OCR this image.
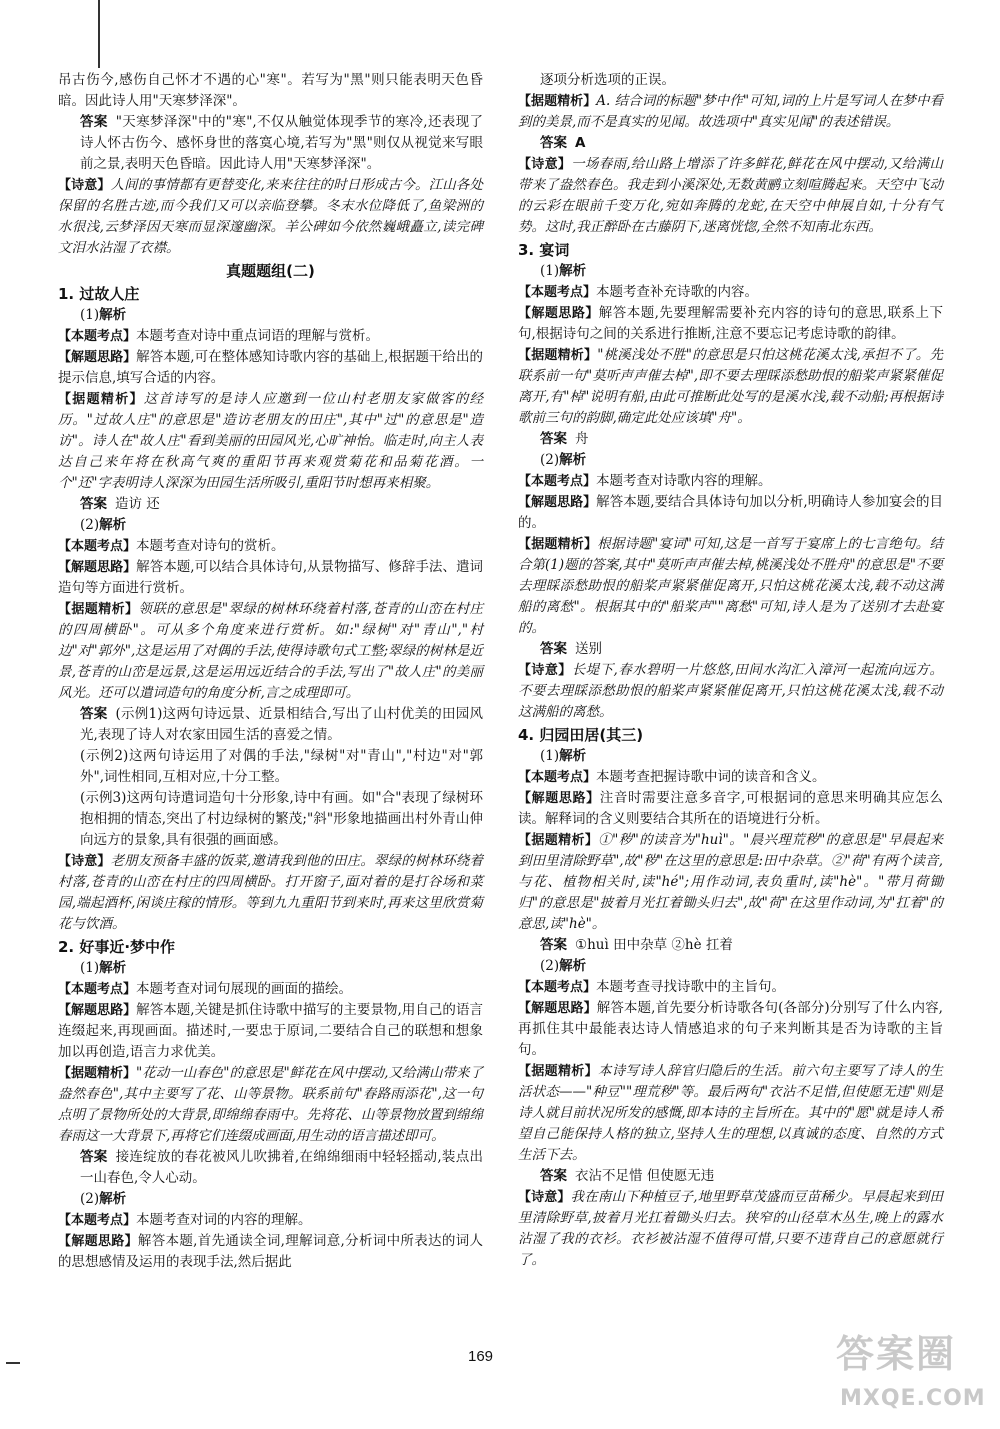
吊古伤今,感伤自己怀才不遇的心"寒"。若写为"黑"则只能表明天色昏暗。因此诗人用"天寒梦泽深"。

答案 "天寒梦泽深"中的"寒",不仅从触觉体现季节的寒冷,还表现了诗人怀古伤今、感怀身世的落寞心境,若写为"黑"则仅从视觉来写眼前之景,表明天色昏暗。因此诗人用"天寒梦泽深"。

【诗意】人间的事情都有更替变化,来来往往的时日形成古今。江山各处保留的名胜古迹,而今我们又可以亲临登攀。冬末水位降低了,鱼梁洲的水很浅,云梦泽因天寒而显深邃幽深。羊公碑如今依然巍峨矗立,读完碑文泪水沾湿了衣襟。

真题题组(二)

1. 过故人庄

(1)解析

【本题考点】本题考查对诗中重点词语的理解与赏析。

【解题思路】解答本题,可在整体感知诗歌内容的基础上,根据题干给出的提示信息,填写合适的内容。

【据题精析】这首诗写的是诗人应邀到一位山村老朋友家做客的经历。"过故人庄"的意思是"造访老朋友的田庄",其中"过"的意思是"造访"。诗人在"故人庄"看到美丽的田园风光,心旷神怡。临走时,向主人表达自己来年将在秋高气爽的重阳节再来观赏菊花和品菊花酒。一个"还"字表明诗人深深为田园生活所吸引,重阳节时想再来相聚。

答案 造访 还

(2)解析

【本题考点】本题考查对诗句的赏析。

【解题思路】解答本题,可以结合具体诗句,从景物描写、修辞手法、遣词造句等方面进行赏析。

【据题精析】领联的意思是"翠绿的树林环绕着村落,苍青的山峦在村庄的四周横卧"。可从多个角度来进行赏析。如:"绿树"对"青山","村边"对"郭外",这是运用了对偶的手法,使得诗歌句式工整;翠绿的树林是近景,苍青的山峦是远景,这是运用远近结合的手法,写出了"故人庄"的美丽风光。还可以遣词造句的角度分析,言之成理即可。

答案 (示例1)这两句诗远景、近景相结合,写出了山村优美的田园风光,表现了诗人对农家田园生活的喜爱之情。

(示例2)这两句诗运用了对偶的手法,"绿树"对"青山","村边"对"郭外",词性相同,互相对应,十分工整。

(示例3)这两句诗遣词造句十分形象,诗中有画。如"合"表现了绿树环抱相拥的情态,突出了村边绿树的繁茂;"斜"形象地描画出村外青山伸向远方的景象,具有很强的画面感。

【诗意】老朋友预备丰盛的饭菜,邀请我到他的田庄。翠绿的树林环绕着村落,苍青的山峦在村庄的四周横卧。打开窗子,面对着的是打谷场和菜园,端起酒杯,闲谈庄稼的情形。等到九九重阳节到来时,再来这里欣赏菊花与饮酒。

2. 好事近·梦中作

(1)解析

【本题考点】本题考查对词句展现的画面的描绘。

【解题思路】解答本题,关键是抓住诗歌中描写的主要景物,用自己的语言连缀起来,再现画面。描述时,一要忠于原词,二要结合自己的联想和想象加以再创造,语言力求优美。

【据题精析】"花动一山春色"的意思是"鲜花在风中摆动,又给满山带来了盎然春色",其中主要写了花、山等景物。联系前句"春路雨添花",这一句点明了景物所处的大背景,即绵绵春雨中。先将花、山等景物放置到绵绵春雨这一大背景下,再将它们连缀成画面,用生动的语言描述即可。

答案 接连绽放的春花被风儿吹拂着,在绵绵细雨中轻轻摇动,装点出一山春色,令人心动。

(2)解析

【本题考点】本题考查对词的内容的理解。

【解题思路】解答本题,首先通读全词,理解词意,分析词中所表达的词人的思想感情及运用的表现手法,然后据此

逐项分析选项的正误。

【据题精析】A. 结合词的标题"梦中作"可知,词的上片是写词人在梦中看到的美景,而不是真实的见闻。故选项中"真实见闻"的表述错误。

答案 A

【诗意】一场春雨,给山路上增添了许多鲜花,鲜花在风中摆动,又给满山带来了盎然春色。我走到小溪深处,无数黄鹂立刻喧腾起来。天空中飞动的云彩在眼前千变万化,宛如奔腾的龙蛇,在天空中伸展自如,十分有气势。这时,我正醉卧在古藤阴下,迷离恍惚,全然不知南北东西。

3. 宴词

(1)解析

【本题考点】本题考查补充诗歌的内容。

【解题思路】解答本题,先要理解需要补充内容的诗句的意思,联系上下句,根据诗句之间的关系进行推断,注意不要忘记考虑诗歌的韵律。

【据题精析】"桃溪浅处不胜"的意思是只怕这桃花溪太浅,承担不了。先联系前一句"莫听声声催去棹",即不要去理睬添愁助恨的船桨声紧紧催促离开,有"棹"说明有船,由此可推断此处写的是溪水浅,载不动船;再根据诗歌前三句的韵脚,确定此处应该填"舟"。

答案 舟

(2)解析

【本题考点】本题考查对诗歌内容的理解。

【解题思路】解答本题,要结合具体诗句加以分析,明确诗人参加宴会的目的。

【据题精析】根据诗题"宴词"可知,这是一首写于宴席上的七言绝句。结合第(1)题的答案,其中"莫听声声催去棹,桃溪浅处不胜舟"的意思是"不要去理睬添愁助恨的船桨声紧紧催促离开,只怕这桃花溪太浅,载不动这满船的离愁"。根据其中的"船桨声""离愁"可知,诗人是为了送别才去赴宴的。

答案 送别

【诗意】长堤下,春水碧明一片悠悠,田间水沟汇入漳河一起流向远方。不要去理睬添愁助恨的船桨声紧紧催促离开,只怕这桃花溪太浅,载不动这满船的离愁。

4. 归园田居(其三)

(1)解析

【本题考点】本题考查把握诗歌中词的读音和含义。

【解题思路】注音时需要注意多音字,可根据词的意思来明确其应怎么读。解释词的含义则要结合其所在的语境进行分析。

【据题精析】①"秽"的读音为"huì"。"晨兴理荒秽"的意思是"早晨起来到田里清除野草",故"秽"在这里的意思是:田中杂草。②"荷"有两个读音,与花、植物相关时,读"hé";用作动词,表负重时,读"hè"。"带月荷锄归"的意思是"披着月光扛着锄头归去",故"荷"在这里作动词,为"扛着"的意思,读"hè"。

答案 ①huì 田中杂草 ②hè 扛着

(2)解析

【本题考点】本题考查寻找诗歌中的主旨句。

【解题思路】解答本题,首先要分析诗歌各句(各部分)分别写了什么内容,再抓住其中最能表达诗人情感追求的句子来判断其是否为诗歌的主旨句。

【据题精析】本诗写诗人辞官归隐后的生活。前六句主要写了诗人的生活状态——"种豆""理荒秽"等。最后两句"衣沾不足惜,但使愿无违"则是诗人就目前状况所发的感慨,即本诗的主旨所在。其中的"愿"就是诗人希望自己能保持人格的独立,坚持人生的理想,以真诚的态度、自然的方式生活下去。

答案 衣沾不足惜 但使愿无违

【诗意】我在南山下种植豆子,地里野草茂盛而豆苗稀少。早晨起来到田里清除野草,披着月光扛着锄头归去。狭窄的山径草木丛生,晚上的露水沾湿了我的衣衫。衣衫被沾湿不值得可惜,只要不违背自己的意愿就行了。

169	答案圈
MXQE.COM
